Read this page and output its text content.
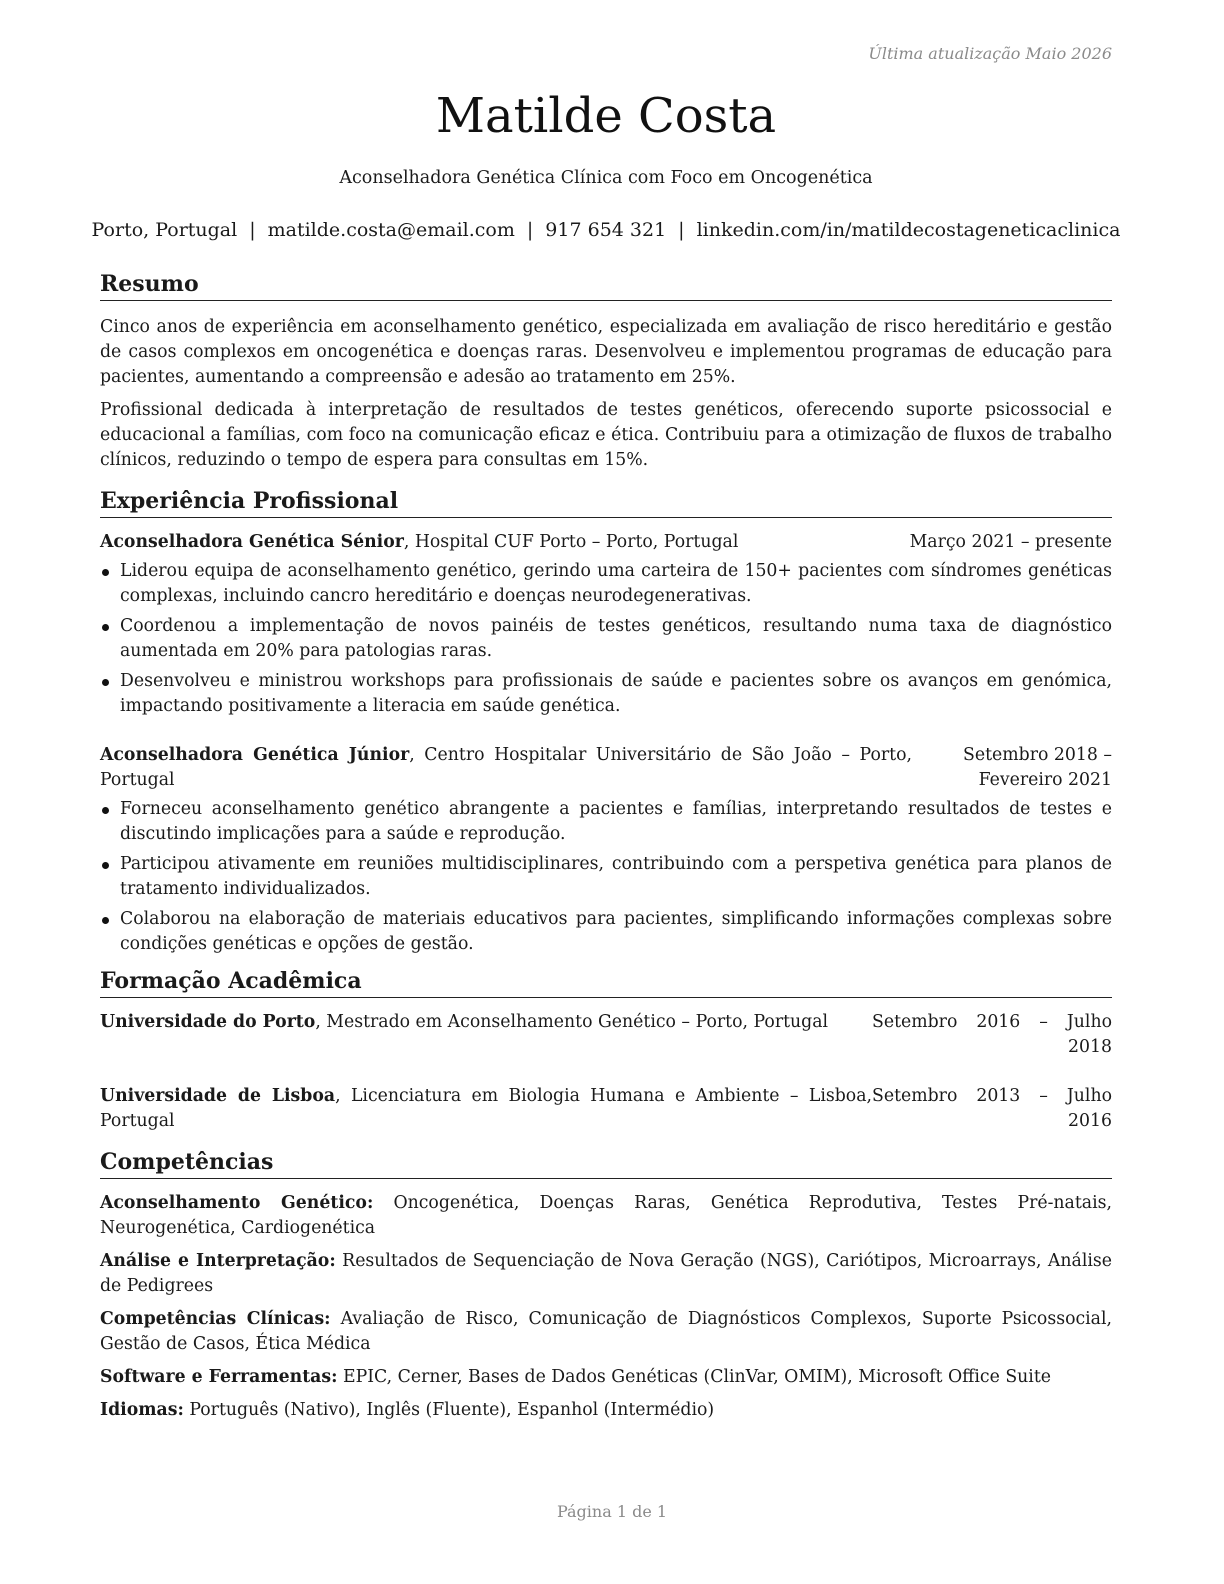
Última atualização Maio 2026
Matilde Costa
Aconselhadora Genética Clínica com Foco em Oncogenética
Porto, Portugal | matilde.costa@email.com | 917 654 321 | linkedin.com/in/matildecostageneticaclinica
Resumo

Cinco anos de experiência em aconselhamento genético, especializada em avaliação de risco hereditário e gestão de casos complexos em oncogenética e doenças raras. Desenvolveu e implementou programas de educação para pacientes, aumentando a compreensão e adesão ao tratamento em 25%.

Profissional dedicada à interpretação de resultados de testes genéticos, oferecendo suporte psicossocial e educacional a famílias, com foco na comunicação eficaz e ética. Contribuiu para a otimização de fluxos de trabalho clínicos, reduzindo o tempo de espera para consultas em 15%.

Experiência Profissional
Aconselhadora Genética Sénior, Hospital CUF Porto – Porto, Portugal	Março 2021 – presente
Liderou equipa de aconselhamento genético, gerindo uma carteira de 150+ pacientes com síndromes genéticas complexas, incluindo cancro hereditário e doenças neurodegenerativas.
Coordenou a implementação de novos painéis de testes genéticos, resultando numa taxa de diagnóstico aumentada em 20% para patologias raras.
Desenvolveu e ministrou workshops para profissionais de saúde e pacientes sobre os avanços em genómica, impactando positivamente a literacia em saúde genética.
Aconselhadora Genética Júnior, Centro Hospitalar Universitário de São João – Porto, Portugal
Setembro 2018 – Fevereiro 2021
Forneceu aconselhamento genético abrangente a pacientes e famílias, interpretando resultados de testes e discutindo implicações para a saúde e reprodução.
Participou ativamente em reuniões multidisciplinares, contribuindo com a perspetiva genética para planos de tratamento individualizados.
Colaborou na elaboração de materiais educativos para pacientes, simplificando informações complexas sobre condições genéticas e opções de gestão.
Formação Acadêmica
Universidade do Porto, Mestrado em Aconselhamento Genético – Porto, Portugal	Setembro 2016 – Julho 2018
Universidade de Lisboa, Licenciatura em Biologia Humana e Ambiente – Lisboa, Portugal
Setembro 2013 – Julho 2016
Competências

Aconselhamento Genético: Oncogenética, Doenças Raras, Genética Reprodutiva, Testes Pré-natais, Neurogenética, Cardiogenética

Análise e Interpretação: Resultados de Sequenciação de Nova Geração (NGS), Cariótipos, Microarrays, Análise de Pedigrees

Competências Clínicas: Avaliação de Risco, Comunicação de Diagnósticos Complexos, Suporte Psicossocial, Gestão de Casos, Ética Médica

Software e Ferramentas: EPIC, Cerner, Bases de Dados Genéticas (ClinVar, OMIM), Microsoft Office Suite

Idiomas: Português (Nativo), Inglês (Fluente), Espanhol (Intermédio)

Página 1 de 1
